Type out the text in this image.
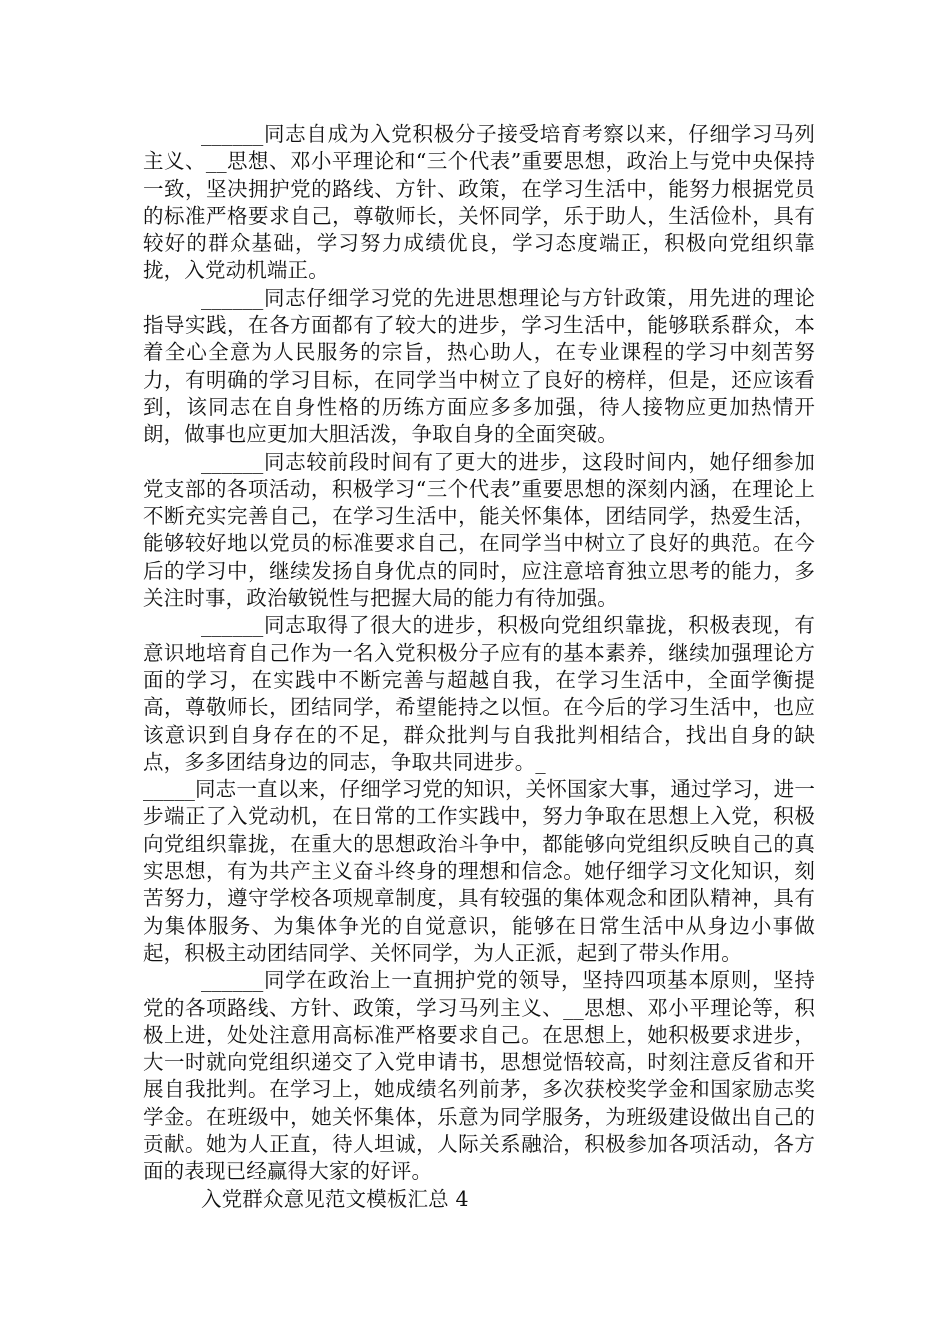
______同志自成为入党积极分子接受培育考察以来，仔细学习马列主义、__思想、邓小平理论和“三个代表”重要思想，政治上与党中央保持一致，坚决拥护党的路线、方针、政策，在学习生活中，能努力根据党员的标准严格要求自己，尊敬师长，关怀同学，乐于助人，生活俭朴，具有较好的群众基础，学习努力成绩优良，学习态度端正，积极向党组织靠拢，入党动机端正。

______同志仔细学习党的先进思想理论与方针政策，用先进的理论指导实践，在各方面都有了较大的进步，学习生活中，能够联系群众，本着全心全意为人民服务的宗旨，热心助人，在专业课程的学习中刻苦努力，有明确的学习目标，在同学当中树立了良好的榜样，但是，还应该看到，该同志在自身性格的历练方面应多多加强，待人接物应更加热情开朗，做事也应更加大胆活泼，争取自身的全面突破。

______同志较前段时间有了更大的进步，这段时间内，她仔细参加党支部的各项活动，积极学习“三个代表”重要思想的深刻内涵，在理论上不断充实完善自己，在学习生活中，能关怀集体，团结同学，热爱生活，能够较好地以党员的标准要求自己，在同学当中树立了良好的典范。在今后的学习中，继续发扬自身优点的同时，应注意培育独立思考的能力，多关注时事，政治敏锐性与把握大局的能力有待加强。

______同志取得了很大的进步，积极向党组织靠拢，积极表现，有意识地培育自己作为一名入党积极分子应有的基本素养，继续加强理论方面的学习，在实践中不断完善与超越自我，在学习生活中，全面学衡提高，尊敬师长，团结同学，希望能持之以恒。在今后的学习生活中，也应该意识到自身存在的不足，群众批判与自我批判相结合，找出自身的缺点，多多团结身边的同志，争取共同进步。_

_____同志一直以来，仔细学习党的知识，关怀国家大事，通过学习，进一步端正了入党动机，在日常的工作实践中，努力争取在思想上入党，积极向党组织靠拢，在重大的思想政治斗争中，都能够向党组织反映自己的真实思想，有为共产主义奋斗终身的理想和信念。她仔细学习文化知识，刻苦努力，遵守学校各项规章制度，具有较强的集体观念和团队精神，具有为集体服务、为集体争光的自觉意识，能够在日常生活中从身边小事做起，积极主动团结同学、关怀同学，为人正派，起到了带头作用。

______同学在政治上一直拥护党的领导，坚持四项基本原则，坚持党的各项路线、方针、政策，学习马列主义、__思想、邓小平理论等，积极上进，处处注意用高标准严格要求自己。在思想上，她积极要求进步，大一时就向党组织递交了入党申请书，思想觉悟较高，时刻注意反省和开展自我批判。在学习上，她成绩名列前茅，多次获校奖学金和国家励志奖学金。在班级中，她关怀集体，乐意为同学服务，为班级建设做出自己的贡献。她为人正直，待人坦诚，人际关系融洽，积极参加各项活动，各方面的表现已经赢得大家的好评。

入党群众意见范文模板汇总 4
